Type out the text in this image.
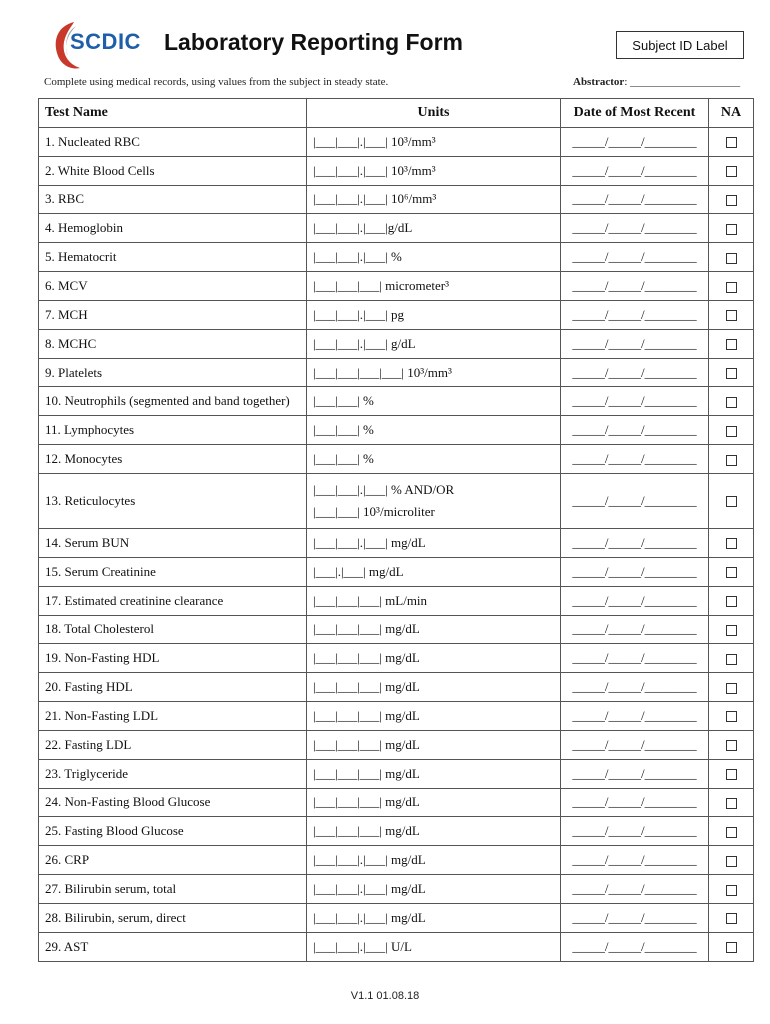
SCDIC Laboratory Reporting Form	Subject ID Label
Complete using medical records, using values from the subject in steady state.	Abstractor: ____________________
Test Name	Units	Date of Most Recent	NA
1. Nucleated RBC	|___|___|.|___| 10³/mm³	_____/_____/________	
2. White Blood Cells	|___|___|.|___| 10³/mm³	_____/_____/________	
3. RBC	|___|___|.|___| 10⁶/mm³	_____/_____/________	
4. Hemoglobin	|___|___|.|___|g/dL	_____/_____/________	
5. Hematocrit	|___|___|.|___| %	_____/_____/________	
6. MCV	|___|___|___| micrometer³	_____/_____/________	
7. MCH	|___|___|.|___| pg	_____/_____/________	
8. MCHC	|___|___|.|___| g/dL	_____/_____/________	
9. Platelets	|___|___|___|___| 10³/mm³	_____/_____/________	
10. Neutrophils (segmented and band together)	|___|___| %	_____/_____/________	
11. Lymphocytes	|___|___| %	_____/_____/________	
12. Monocytes	|___|___| %	_____/_____/________	
13. Reticulocytes	|___|___|.|___| % AND/OR
|___|___| 10³/microliter	_____/_____/________	
14. Serum BUN	|___|___|.|___| mg/dL	_____/_____/________	
15. Serum Creatinine	|___|.|___| mg/dL	_____/_____/________	
17. Estimated creatinine clearance	|___|___|___| mL/min	_____/_____/________	
18. Total Cholesterol	|___|___|___| mg/dL	_____/_____/________	
19. Non-Fasting HDL	|___|___|___| mg/dL	_____/_____/________	
20. Fasting HDL	|___|___|___| mg/dL	_____/_____/________	
21. Non-Fasting LDL	|___|___|___| mg/dL	_____/_____/________	
22. Fasting LDL	|___|___|___| mg/dL	_____/_____/________	
23. Triglyceride	|___|___|___| mg/dL	_____/_____/________	
24. Non-Fasting Blood Glucose	|___|___|___| mg/dL	_____/_____/________	
25. Fasting Blood Glucose	|___|___|___| mg/dL	_____/_____/________	
26. CRP	|___|___|.|___| mg/dL	_____/_____/________	
27. Bilirubin serum, total	|___|___|.|___| mg/dL	_____/_____/________	
28. Bilirubin, serum, direct	|___|___|.|___| mg/dL	_____/_____/________	
29. AST	|___|___|.|___| U/L	_____/_____/________	
V1.1 01.08.18
